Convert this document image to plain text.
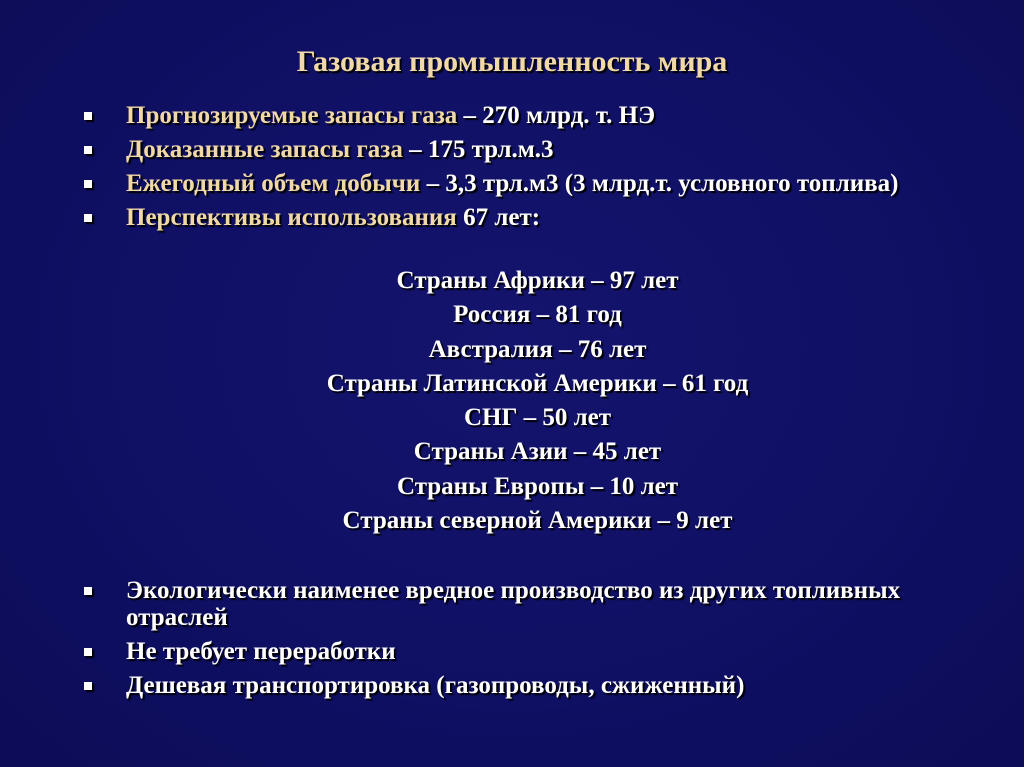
Газовая промышленность мира
Прогнозируемые запасы газа – 270 млрд. т. НЭ
Доказанные запасы газа – 175 трл.м.3
Ежегодный объем добычи – 3,3 трл.м3 (3 млрд.т. условного топлива)
Перспективы использования 67 лет:
Страны Африки – 97 лет
Россия – 81 год
Австралия – 76 лет
Страны Латинской Америки – 61 год
СНГ – 50 лет
Страны Азии – 45 лет
Страны Европы – 10 лет
Страны северной Америки – 9 лет
Экологически наименее вредное производство из других топливных отраслей
Не требует переработки
Дешевая транспортировка (газопроводы, сжиженный)
